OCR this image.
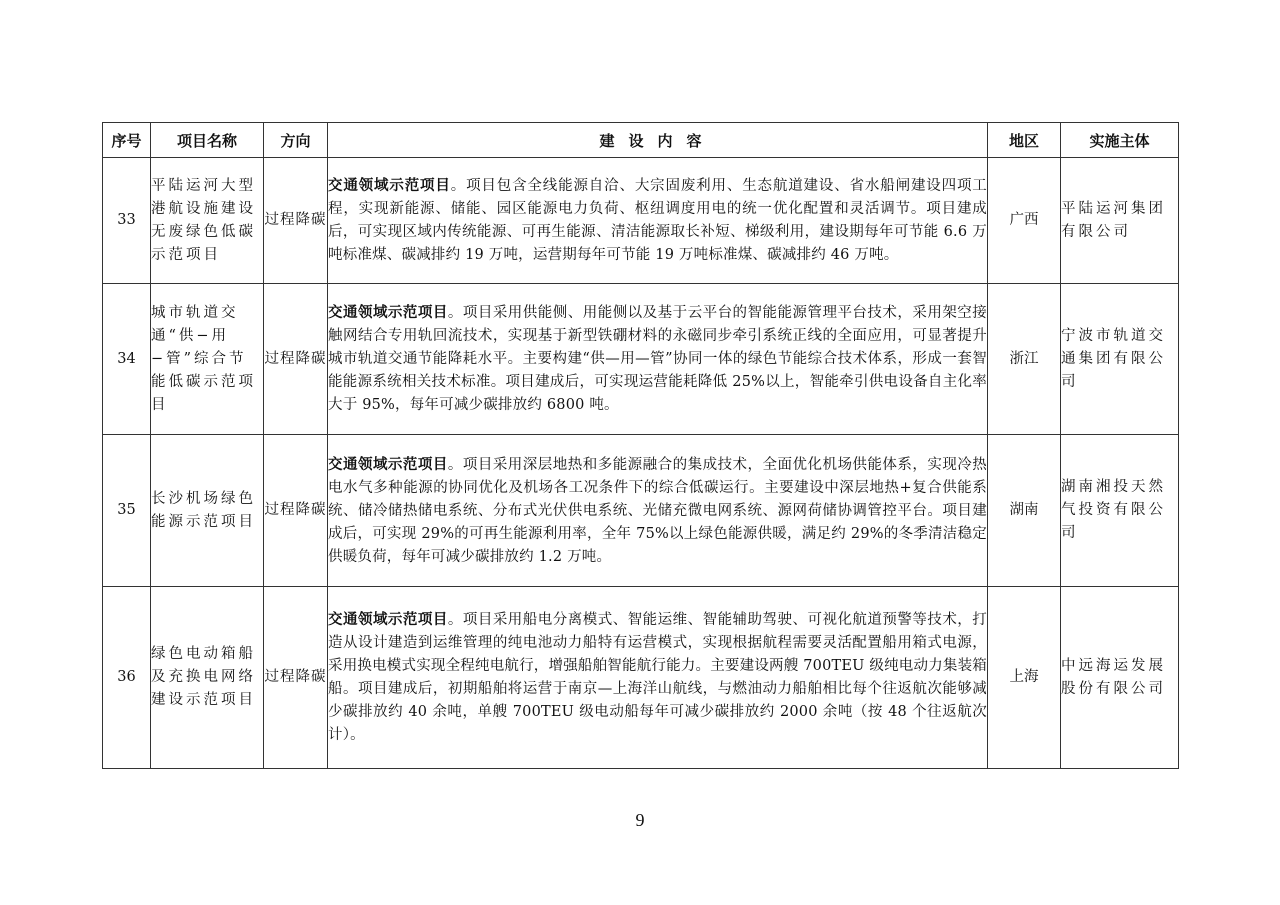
序号	项目名称	方向	建设内容	地区	实施主体
33	平陆运河大型港航设施建设无废绿色低碳示范项目	过程降碳	交通领域示范项目。项目包含全线能源自洽、大宗固废利用、生态航道建设、省水船闸建设四项工程，实现新能源、储能、园区能源电力负荷、枢纽调度用电的统一优化配置和灵活调节。项目建成后，可实现区域内传统能源、可再生能源、清洁能源取长补短、梯级利用，建设期每年可节能 6.6 万吨标准煤、碳减排约 19 万吨，运营期每年可节能 19 万吨标准煤、碳减排约 46 万吨。	广西	平陆运河集团有限公司
34	城市轨道交通“供−用−管”综合节能低碳示范项目	过程降碳	交通领域示范项目。项目采用供能侧、用能侧以及基于云平台的智能能源管理平台技术，采用架空接触网结合专用轨回流技术，实现基于新型铁硼材料的永磁同步牵引系统正线的全面应用，可显著提升城市轨道交通节能降耗水平。主要构建“供—用—管”协同一体的绿色节能综合技术体系，形成一套智能能源系统相关技术标准。项目建成后，可实现运营能耗降低 25%以上，智能牵引供电设备自主化率大于 95%，每年可减少碳排放约 6800 吨。	浙江	宁波市轨道交通集团有限公司
35	长沙机场绿色能源示范项目	过程降碳	交通领域示范项目。项目采用深层地热和多能源融合的集成技术，全面优化机场供能体系，实现冷热电水气多种能源的协同优化及机场各工况条件下的综合低碳运行。主要建设中深层地热+复合供能系统、储冷储热储电系统、分布式光伏供电系统、光储充微电网系统、源网荷储协调管控平台。项目建成后，可实现 29%的可再生能源利用率，全年 75%以上绿色能源供暖，满足约 29%的冬季清洁稳定供暖负荷，每年可减少碳排放约 1.2 万吨。	湖南	湖南湘投天然气投资有限公司
36	绿色电动箱船及充换电网络建设示范项目	过程降碳	交通领域示范项目。项目采用船电分离模式、智能运维、智能辅助驾驶、可视化航道预警等技术，打造从设计建造到运维管理的纯电池动力船特有运营模式，实现根据航程需要灵活配置船用箱式电源，采用换电模式实现全程纯电航行，增强船舶智能航行能力。主要建设两艘 700TEU 级纯电动力集装箱船。项目建成后，初期船舶将运营于南京—上海洋山航线，与燃油动力船舶相比每个往返航次能够减少碳排放约 40 余吨，单艘 700TEU 级电动船每年可减少碳排放约 2000 余吨（按 48 个往返航次计）。	上海	中远海运发展股份有限公司
9
